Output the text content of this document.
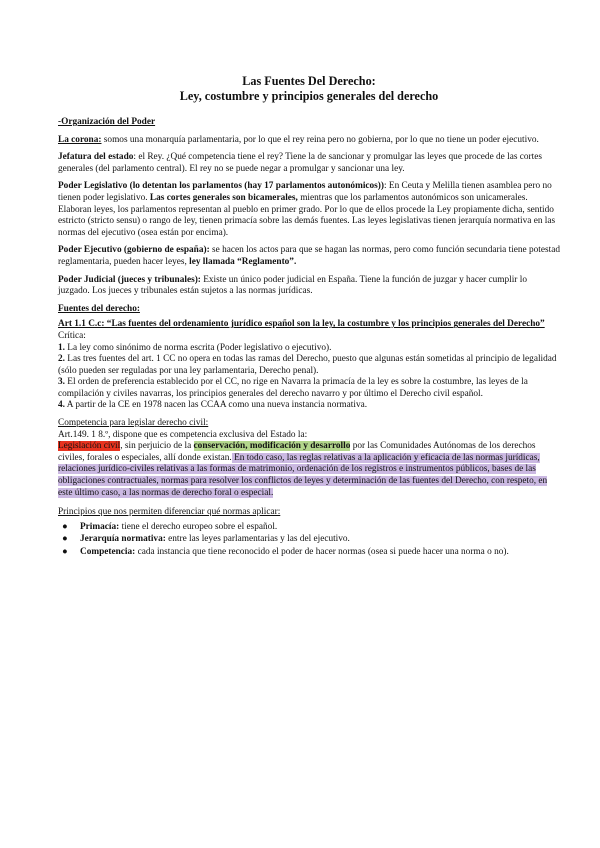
Las Fuentes Del Derecho:
Ley, costumbre y principios generales del derecho

-Organización del Poder

La corona: somos una monarquía parlamentaria, por lo que el rey reina pero no gobierna, por lo que no tiene un poder ejecutivo.

Jefatura del estado: el Rey. ¿Qué competencia tiene el rey? Tiene la de sancionar y promulgar las leyes que procede de las cortes generales (del parlamento central). El rey no se puede negar a promulgar y sancionar una ley.

Poder Legislativo (lo detentan los parlamentos (hay 17 parlamentos autonómicos)): En Ceuta y Melilla tienen asamblea pero no tienen poder legislativo. Las cortes generales son bicamerales, mientras que los parlamentos autonómicos son unicamerales. Elaboran leyes, los parlamentos representan al pueblo en primer grado. Por lo que de ellos procede la Ley propiamente dicha, sentido estricto (stricto sensu) o rango de ley, tienen primacía sobre las demás fuentes. Las leyes legislativas tienen jerarquía normativa en las normas del ejecutivo (osea están por encima).

Poder Ejecutivo (gobierno de españa): se hacen los actos para que se hagan las normas, pero como función secundaria tiene potestad reglamentaria, pueden hacer leyes, ley llamada “Reglamento”.

Poder Judicial (jueces y tribunales): Existe un único poder judicial en España. Tiene la función de juzgar y hacer cumplir lo juzgado. Los jueces y tribunales están sujetos a las normas jurídicas.

Fuentes del derecho:

Art 1.1 C.c: “Las fuentes del ordenamiento jurídico español son la ley, la costumbre y los principios generales del Derecho”

Crítica:

1. La ley como sinónimo de norma escrita (Poder legislativo o ejecutivo).

2. Las tres fuentes del art. 1 CC no opera en todas las ramas del Derecho, puesto que algunas están sometidas al principio de legalidad (sólo pueden ser reguladas por una ley parlamentaria, Derecho penal).

3. El orden de preferencia establecido por el CC, no rige en Navarra la primacía de la ley es sobre la costumbre, las leyes de la compilación y civiles navarras, los principios generales del derecho navarro y por último el Derecho civil español.

4. A partir de la CE en 1978 nacen las CCAA como una nueva instancia normativa.

Competencia para legislar derecho civil:

Art.149. 1 8.º, dispone que es competencia exclusiva del Estado la:

Legislación civil, sin perjuicio de la conservación, modificación y desarrollo por las Comunidades Autónomas de los derechos civiles, forales o especiales, allí donde existan. En todo caso, las reglas relativas a la aplicación y eficacia de las normas jurídicas, relaciones jurídico-civiles relativas a las formas de matrimonio, ordenación de los registros e instrumentos públicos, bases de las obligaciones contractuales, normas para resolver los conflictos de leyes y determinación de las fuentes del Derecho, con respeto, en este último caso, a las normas de derecho foral o especial.

Principios que nos permiten diferenciar qué normas aplicar:

● Primacía: tiene el derecho europeo sobre el español.
● Jerarquía normativa: entre las leyes parlamentarias y las del ejecutivo.
● Competencia: cada instancia que tiene reconocido el poder de hacer normas (osea si puede hacer una norma o no).
